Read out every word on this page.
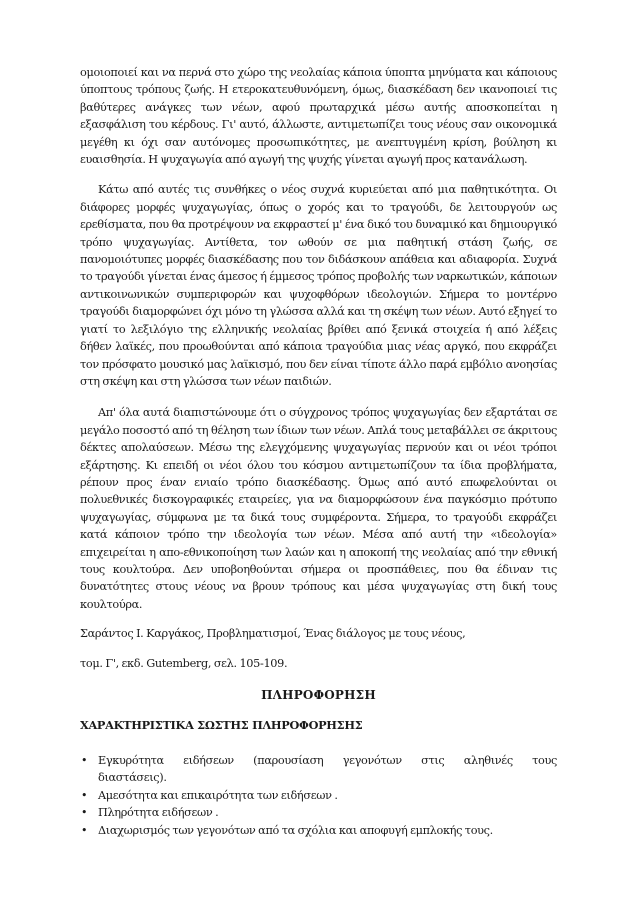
ομοιοποιεί και να περνά στο χώρο της νεολαίας κάποια ύποπτα μηνύματα και κάποιους ύποπτους τρόπους ζωής. Η ετεροκατευθυνόμενη, όμως, διασκέδαση δεν ικανοποιεί τις βαθύτερες ανάγκες των νέων, αφού πρωταρχικά μέσω αυτής αποσκοπείται η εξασφάλιση του κέρδους. Γι' αυτό, άλλωστε, αντιμετωπίζει τους νέους σαν οικονομικά μεγέθη κι όχι σαν αυτόνομες προσωπικότητες, με ανεπτυγμένη κρίση, βούληση κι ευαισθησία. Η ψυχαγωγία από αγωγή της ψυχής γίνεται αγωγή προς κατανάλωση.

Κάτω από αυτές τις συνθήκες ο νέος συχνά κυριεύεται από μια παθητικότητα. Οι διάφορες μορφές ψυχαγωγίας, όπως ο χορός και το τραγούδι, δε λειτουργούν ως ερεθίσματα, που θα προτρέψουν να εκφραστεί μ' ένα δικό του δυναμικό και δημιουργικό τρόπο ψυχαγωγίας. Αντίθετα, τον ωθούν σε μια παθητική στάση ζωής, σε πανομοιότυπες μορφές διασκέδασης που τον διδάσκουν απάθεια και αδιαφορία. Συχνά το τραγούδι γίνεται ένας άμεσος ή έμμεσος τρόπος προβολής των ναρκωτικών, κάποιων αντικοινωνικών συμπεριφορών και ψυχοφθόρων ιδεολογιών. Σήμερα το μοντέρνο τραγούδι διαμορφώνει όχι μόνο τη γλώσσα αλλά και τη σκέψη των νέων. Αυτό εξηγεί το γιατί το λεξιλόγιο της ελληνικής νεολαίας βρίθει από ξενικά στοιχεία ή από λέξεις δήθεν λαϊκές, που προωθούνται από κάποια τραγούδια μιας νέας αργκό, που εκφράζει τον πρόσφατο μουσικό μας λαϊκισμό, που δεν είναι τίποτε άλλο παρά εμβόλιο ανοησίας στη σκέψη και στη γλώσσα των νέων παιδιών.

Απ' όλα αυτά διαπιστώνουμε ότι ο σύγχρονος τρόπος ψυχαγωγίας δεν εξαρτάται σε μεγάλο ποσοστό από τη θέληση των ίδιων των νέων. Απλά τους μεταβάλλει σε άκριτους δέκτες απολαύσεων. Μέσω της ελεγχόμενης ψυχαγωγίας περνούν και οι νέοι τρόποι εξάρτησης. Κι επειδή οι νέοι όλου του κόσμου αντιμετωπίζουν τα ίδια προβλήματα, ρέπουν προς έναν ενιαίο τρόπο διασκέδασης. Όμως από αυτό επωφελούνται οι πολυεθνικές δισκογραφικές εταιρείες, για να διαμορφώσουν ένα παγκόσμιο πρότυπο ψυχαγωγίας, σύμφωνα με τα δικά τους συμφέροντα. Σήμερα, το τραγούδι εκφράζει κατά κάποιον τρόπο την ιδεολογία των νέων. Μέσα από αυτή την «ιδεολογία» επιχειρείται η απο-εθνικοποίηση των λαών και η αποκοπή της νεολαίας από την εθνική τους κουλτούρα. Δεν υποβοηθούνται σήμερα οι προσπάθειες, που θα έδιναν τις δυνατότητες στους νέους να βρουν τρόπους και μέσα ψυχαγωγίας στη δική τους κουλτούρα.

Σαράντος Ι. Καργάκος, Προβληματισμοί, Ένας διάλογος με τους νέους,

τομ. Γ', εκδ. Gutemberg, σελ. 105-109.

ΠΛΗΡΟΦΟΡΗΣΗ
ΧΑΡΑΚΤΗΡΙΣΤΙΚΑ ΣΩΣΤΗΣ ΠΛΗΡΟΦΟΡΗΣΗΣ
• Εγκυρότητα ειδήσεων (παρουσίαση γεγονότων στις αληθινές τους διαστάσεις).
• Αμεσότητα και επικαιρότητα των ειδήσεων .
• Πληρότητα ειδήσεων .
• Διαχωρισμός των γεγονότων από τα σχόλια και αποφυγή εμπλοκής τους.
